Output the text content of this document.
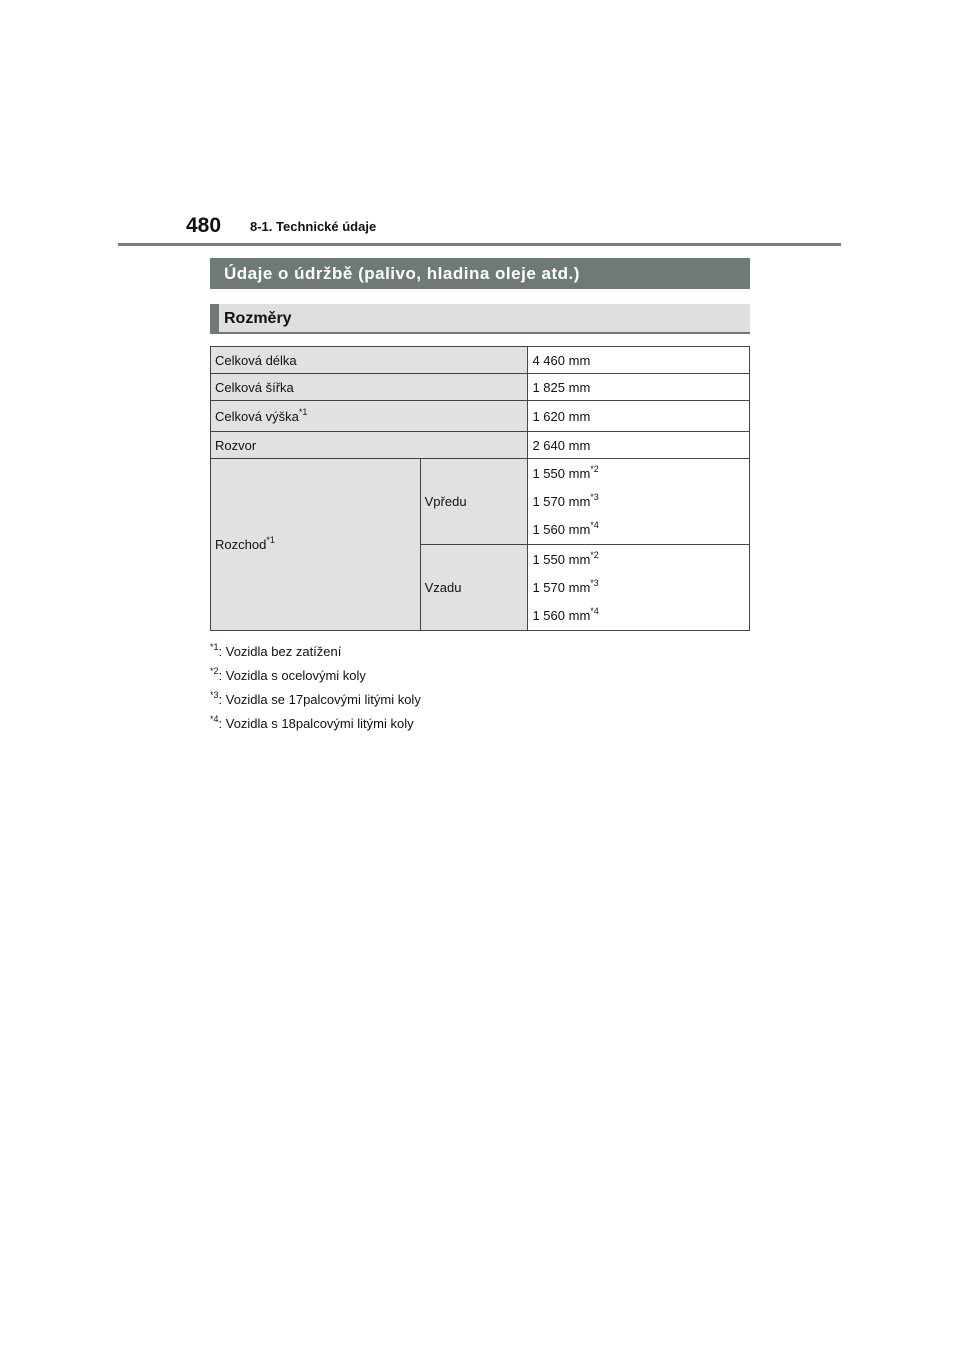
480 8-1. Technické údaje
Údaje o údržbě (palivo, hladina oleje atd.)
Rozměry
Celková délka		4 460 mm
Celková šířka		1 825 mm
Celková výška$^{*1}$		1 620 mm
Rozvor		2 640 mm
Rozchod$^{*1}$	Vpředu	1 550 $mm^{*2}$
1 570 $mm^{*3}$
1 560 $mm^{*4}$

	Vzadu	1 550 $mm^{*2}$
1 570 $mm^{*3}$
1 560 $mm^{*4}$
$^{*1}$: Vozidla bez zatížení
$^{*2}$: Vozidla s ocelovými koly
$^{*3}$: Vozidla se 17palcovými litými koly
$^{*4}$: Vozidla s 18palcovými litými koly
